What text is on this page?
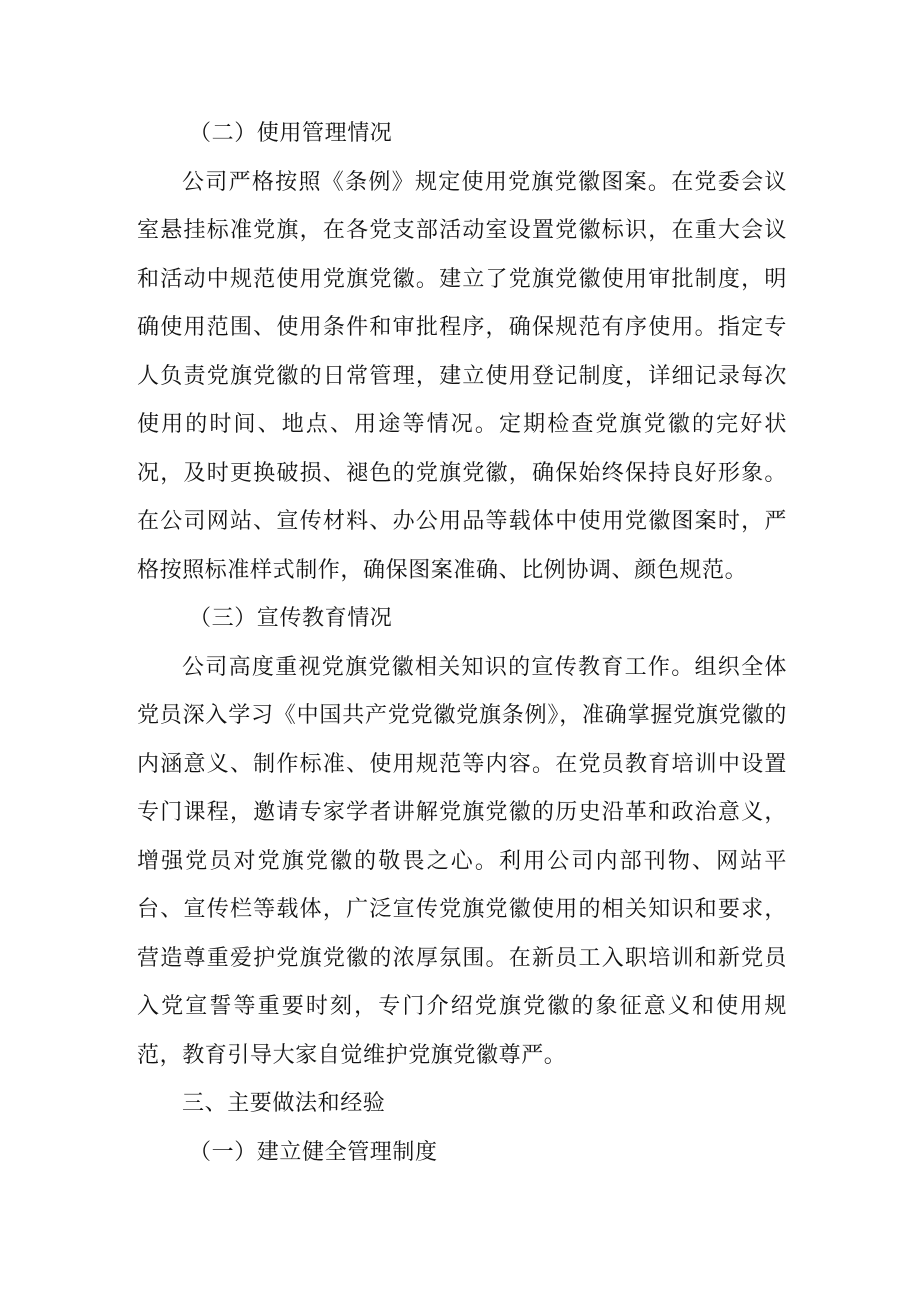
（二）使用管理情况

公司严格按照《条例》规定使用党旗党徽图案。在党委会议室悬挂标准党旗，在各党支部活动室设置党徽标识，在重大会议和活动中规范使用党旗党徽。建立了党旗党徽使用审批制度，明确使用范围、使用条件和审批程序，确保规范有序使用。指定专人负责党旗党徽的日常管理，建立使用登记制度，详细记录每次使用的时间、地点、用途等情况。定期检查党旗党徽的完好状况，及时更换破损、褪色的党旗党徽，确保始终保持良好形象。在公司网站、宣传材料、办公用品等载体中使用党徽图案时，严格按照标准样式制作，确保图案准确、比例协调、颜色规范。

（三）宣传教育情况

公司高度重视党旗党徽相关知识的宣传教育工作。组织全体党员深入学习《中国共产党党徽党旗条例》，准确掌握党旗党徽的内涵意义、制作标准、使用规范等内容。在党员教育培训中设置专门课程，邀请专家学者讲解党旗党徽的历史沿革和政治意义，增强党员对党旗党徽的敬畏之心。利用公司内部刊物、网站平台、宣传栏等载体，广泛宣传党旗党徽使用的相关知识和要求，营造尊重爱护党旗党徽的浓厚氛围。在新员工入职培训和新党员入党宣誓等重要时刻，专门介绍党旗党徽的象征意义和使用规范，教育引导大家自觉维护党旗党徽尊严。

三、主要做法和经验

（一）建立健全管理制度
